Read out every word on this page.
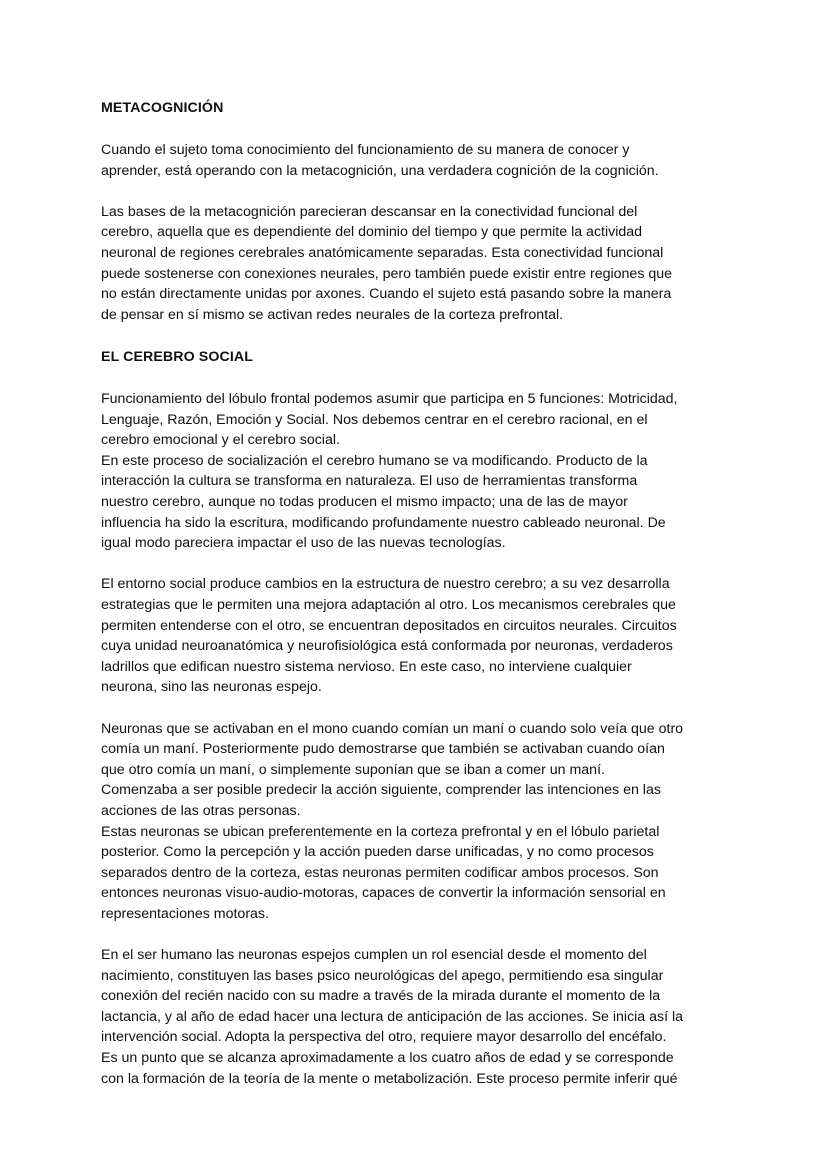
METACOGNICIÓN

Cuando el sujeto toma conocimiento del funcionamiento de su manera de conocer y
aprender, está operando con la metacognición, una verdadera cognición de la cognición.

Las bases de la metacognición parecieran descansar en la conectividad funcional del
cerebro, aquella que es dependiente del dominio del tiempo y que permite la actividad
neuronal de regiones cerebrales anatómicamente separadas. Esta conectividad funcional
puede sostenerse con conexiones neurales, pero también puede existir entre regiones que
no están directamente unidas por axones. Cuando el sujeto está pasando sobre la manera
de pensar en sí mismo se activan redes neurales de la corteza prefrontal.

EL CEREBRO SOCIAL

Funcionamiento del lóbulo frontal podemos asumir que participa en 5 funciones: Motricidad,
Lenguaje, Razón, Emoción y Social. Nos debemos centrar en el cerebro racional, en el
cerebro emocional y el cerebro social.
En este proceso de socialización el cerebro humano se va modificando. Producto de la
interacción la cultura se transforma en naturaleza. El uso de herramientas transforma
nuestro cerebro, aunque no todas producen el mismo impacto; una de las de mayor
influencia ha sido la escritura, modificando profundamente nuestro cableado neuronal. De
igual modo pareciera impactar el uso de las nuevas tecnologías.

El entorno social produce cambios en la estructura de nuestro cerebro; a su vez desarrolla
estrategias que le permiten una mejora adaptación al otro. Los mecanismos cerebrales que
permiten entenderse con el otro, se encuentran depositados en circuitos neurales. Circuitos
cuya unidad neuroanatómica y neurofisiológica está conformada por neuronas, verdaderos
ladrillos que edifican nuestro sistema nervioso. En este caso, no interviene cualquier
neurona, sino las neuronas espejo.

Neuronas que se activaban en el mono cuando comían un maní o cuando solo veía que otro
comía un maní. Posteriormente pudo demostrarse que también se activaban cuando oían
que otro comía un maní, o simplemente suponían que se iban a comer un maní.
Comenzaba a ser posible predecir la acción siguiente, comprender las intenciones en las
acciones de las otras personas.
Estas neuronas se ubican preferentemente en la corteza prefrontal y en el lóbulo parietal
posterior. Como la percepción y la acción pueden darse unificadas, y no como procesos
separados dentro de la corteza, estas neuronas permiten codificar ambos procesos. Son
entonces neuronas visuo-audio-motoras, capaces de convertir la información sensorial en
representaciones motoras.

En el ser humano las neuronas espejos cumplen un rol esencial desde el momento del
nacimiento, constituyen las bases psico neurológicas del apego, permitiendo esa singular
conexión del recién nacido con su madre a través de la mirada durante el momento de la
lactancia, y al año de edad hacer una lectura de anticipación de las acciones. Se inicia así la
intervención social. Adopta la perspectiva del otro, requiere mayor desarrollo del encéfalo.
Es un punto que se alcanza aproximadamente a los cuatro años de edad y se corresponde
con la formación de la teoría de la mente o metabolización. Este proceso permite inferir qué
